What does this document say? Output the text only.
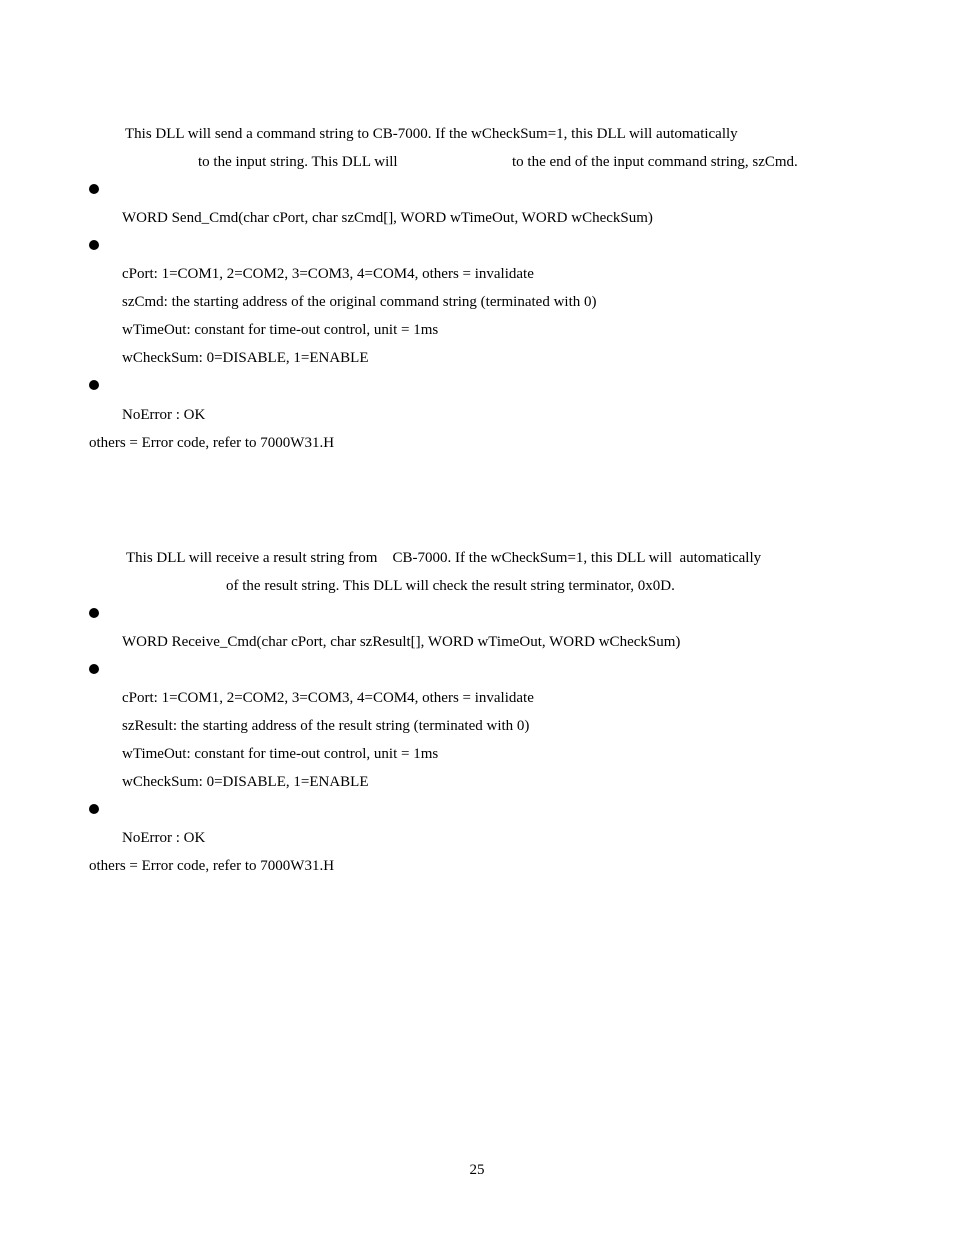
This DLL will send a command string to CB-7000. If the wCheckSum=1, this DLL will automatically
to the input string. This DLL will	to the end of the input command string, szCmd.
WORD Send_Cmd(char cPort, char szCmd[], WORD wTimeOut, WORD wCheckSum)
cPort: 1=COM1, 2=COM2, 3=COM3, 4=COM4, others = invalidate
szCmd: the starting address of the original command string (terminated with 0)
wTimeOut: constant for time-out control, unit = 1ms
wCheckSum: 0=DISABLE, 1=ENABLE
NoError : OK
others = Error code, refer to 7000W31.H
This DLL will receive a result string from    CB-7000. If the wCheckSum=1, this DLL will  automatically
of the result string. This DLL will check the result string terminator, 0x0D.
WORD Receive_Cmd(char cPort, char szResult[], WORD wTimeOut, WORD wCheckSum)
cPort: 1=COM1, 2=COM2, 3=COM3, 4=COM4, others = invalidate
szResult: the starting address of the result string (terminated with 0)
wTimeOut: constant for time-out control, unit = 1ms
wCheckSum: 0=DISABLE, 1=ENABLE
NoError : OK
others = Error code, refer to 7000W31.H
25
